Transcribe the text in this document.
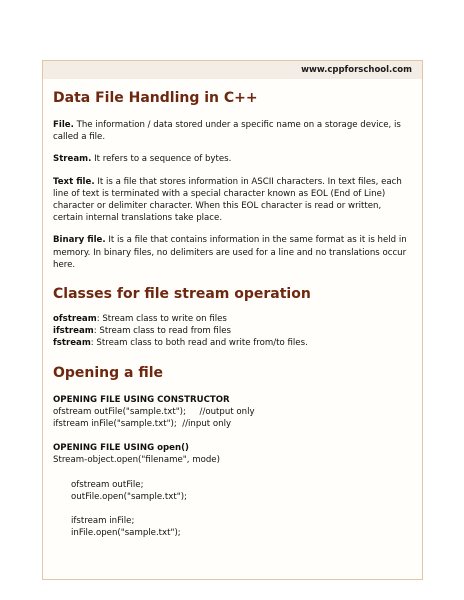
www.cppforschool.com
Data File Handling in C++

File. The information / data stored under a specific name on a storage device, is called a file.

Stream. It refers to a sequence of bytes.

Text file. It is a file that stores information in ASCII characters. In text files, each line of text is terminated with a special character known as EOL (End of Line) character or delimiter character. When this EOL character is read or written, certain internal translations take place.

Binary file. It is a file that contains information in the same format as it is held in memory. In binary files, no delimiters are used for a line and no translations occur here.

Classes for file stream operation
ofstream: Stream class to write on files
ifstream: Stream class to read from files
fstream: Stream class to both read and write from/to files.
Opening a file
OPENING FILE USING CONSTRUCTOR
ofstream outFile("sample.txt");     //output only
ifstream inFile("sample.txt");  //input only
OPENING FILE USING open()
Stream-object.open("filename", mode)
ofstream outFile;
outFile.open("sample.txt");
ifstream inFile;
inFile.open("sample.txt");
